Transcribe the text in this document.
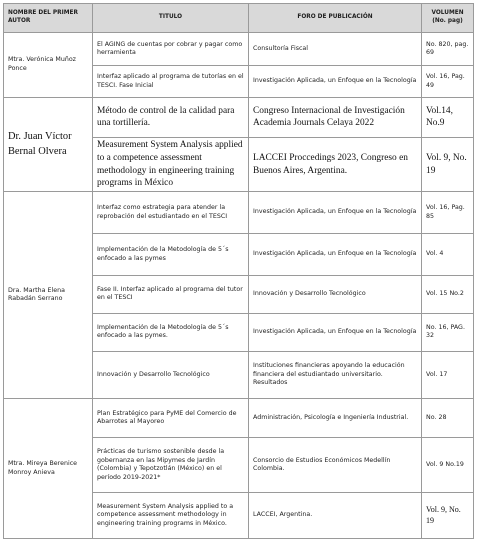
NOMBRE DEL PRIMER AUTOR	TITULO	FORO DE PUBLICACIÓN	VOLUMEN (No. pag)
Mtra. Verónica Muñoz Ponce	El AGING de cuentas por cobrar y pagar como herramienta	Consultoría Fiscal	No. 820, pag. 69
	Interfaz aplicado al programa de tutorías en el TESCI. Fase Inicial	Investigación Aplicada, un Enfoque en la Tecnología	Vol. 16, Pag. 49
Dr. Juan Víctor Bernal Olvera	Método de control de la calidad para una tortillería.	Congreso Internacional de Investigación Academia Journals Celaya 2022	Vol.14, No.9
	Measurement System Analysis applied to a competence assessment methodology in engineering training programs in México	LACCEI Proccedings 2023, Congreso en Buenos Aires, Argentina.	Vol. 9, No. 19
Dra. Martha Elena Rabadán Serrano	Interfaz como estrategia para atender la reprobación del estudiantado en el TESCI	Investigación Aplicada, un Enfoque en la Tecnología	Vol. 16, Pag. 85
	Implementación de la Metodología de 5´s enfocado a las pymes	Investigación Aplicada, un Enfoque en la Tecnología	Vol. 4
	Fase II. Interfaz aplicado al programa del tutor en el TESCI	Innovación y Desarrollo Tecnológico	Vol. 15 No.2
	Implementación de la Metodología de 5´s enfocado a las pymes.	Investigación Aplicada, un Enfoque en la Tecnología	No. 16, PAG. 32
	Innovación y Desarrollo Tecnológico	Instituciones financieras apoyando la educación financiera del estudiantado universitario. Resultados	Vol. 17
Mtra. Mireya Berenice Monroy Anieva	Plan Estratégico para PyME del Comercio de Abarrotes al Mayoreo	Administración, Psicología e Ingeniería Industrial.	No. 28
	Prácticas de turismo sostenible desde la gobernanza en las Mipymes de Jardín (Colombia) y Tepotzotlán (México) en el período 2019-2021*	Consorcio de Estudios Económicos Medellín Colombia.	Vol. 9 No.19
	Measurement System Analysis applied to a competence assessment methodology in engineering training programs in México.	LACCEI, Argentina.	Vol. 9, No. 19
